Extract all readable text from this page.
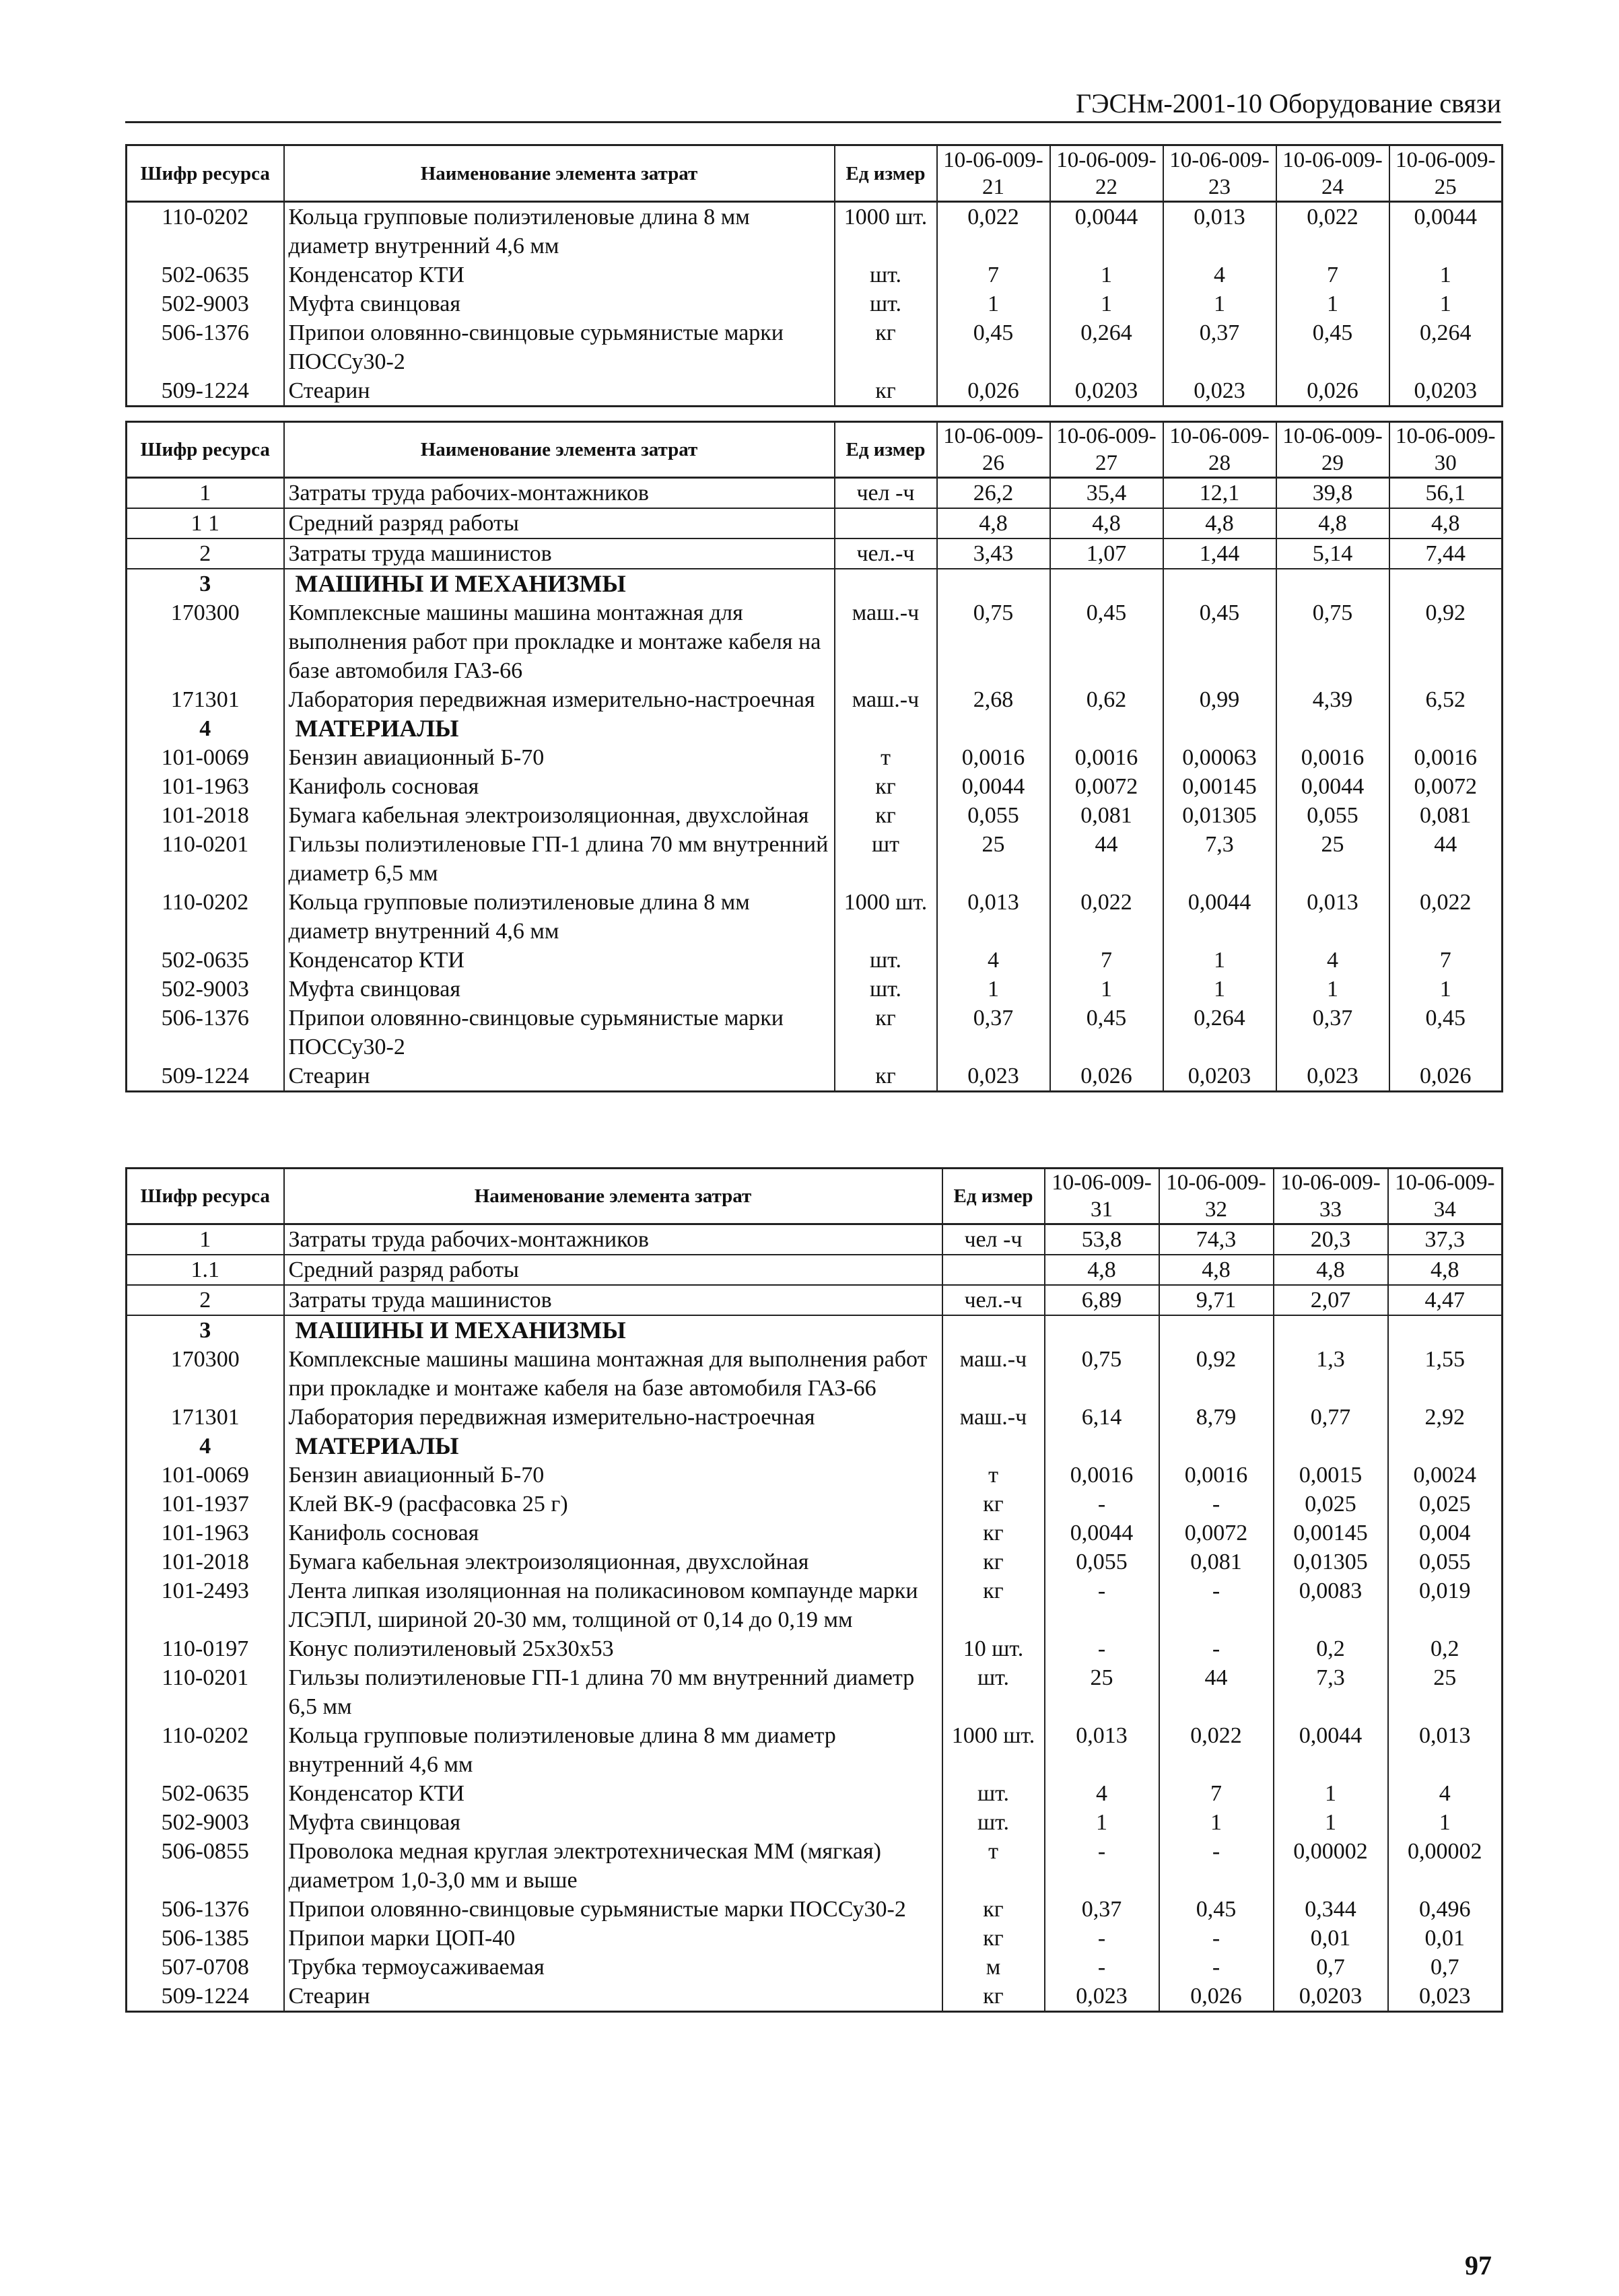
ГЭСНм-2001-10 Оборудование связи
Шифр ресурса	Наименование элемента затрат	Ед измер	10-06-009-21	10-06-009-22	10-06-009-23	10-06-009-24	10-06-009-25
110-0202	Кольца групповые полиэтиленовые длина 8 мм диаметр внутренний 4,6 мм	1000 шт.	0,022	0,0044	0,013	0,022	0,0044
502-0635	Конденсатор КТИ	шт.	7	1	4	7	1
502-9003	Муфта свинцовая	шт.	1	1	1	1	1
506-1376	Припои оловянно-свинцовые сурьмянистые марки ПОССу30-2	кг	0,45	0,264	0,37	0,45	0,264
509-1224	Стеарин	кг	0,026	0,0203	0,023	0,026	0,0203
Шифр ресурса	Наименование элемента затрат	Ед измер	10-06-009-26	10-06-009-27	10-06-009-28	10-06-009-29	10-06-009-30
1	Затраты труда рабочих-монтажников	чел -ч	26,2	35,4	12,1	39,8	56,1
1 1	Средний разряд работы		4,8	4,8	4,8	4,8	4,8
2	Затраты труда машинистов	чел.-ч	3,43	1,07	1,44	5,14	7,44
3	МАШИНЫ И МЕХАНИЗМЫ						
170300	Комплексные машины машина монтажная для выполнения работ при прокладке и монтаже кабеля на базе автомобиля ГАЗ-66	маш.-ч	0,75	0,45	0,45	0,75	0,92
171301	Лаборатория передвижная измерительно-настроечная	маш.-ч	2,68	0,62	0,99	4,39	6,52
4	МАТЕРИАЛЫ						
101-0069	Бензин авиационный Б-70	т	0,0016	0,0016	0,00063	0,0016	0,0016
101-1963	Канифоль сосновая	кг	0,0044	0,0072	0,00145	0,0044	0,0072
101-2018	Бумага кабельная электроизоляционная, двухслойная	кг	0,055	0,081	0,01305	0,055	0,081
110-0201	Гильзы полиэтиленовые ГП-1 длина 70 мм внутренний диаметр 6,5 мм	шт	25	44	7,3	25	44
110-0202	Кольца групповые полиэтиленовые длина 8 мм диаметр внутренний 4,6 мм	1000 шт.	0,013	0,022	0,0044	0,013	0,022
502-0635	Конденсатор КТИ	шт.	4	7	1	4	7
502-9003	Муфта свинцовая	шт.	1	1	1	1	1
506-1376	Припои оловянно-свинцовые сурьмянистые марки ПОССу30-2	кг	0,37	0,45	0,264	0,37	0,45
509-1224	Стеарин	кг	0,023	0,026	0,0203	0,023	0,026
Шифр ресурса	Наименование элемента затрат	Ед измер	10-06-009-31	10-06-009-32	10-06-009-33	10-06-009-34
1	Затраты труда рабочих-монтажников	чел -ч	53,8	74,3	20,3	37,3
1.1	Средний разряд работы		4,8	4,8	4,8	4,8
2	Затраты труда машинистов	чел.-ч	6,89	9,71	2,07	4,47
3	МАШИНЫ И МЕХАНИЗМЫ					
170300	Комплексные машины машина монтажная для выполнения работ при прокладке и монтаже кабеля на базе автомобиля ГАЗ-66	маш.-ч	0,75	0,92	1,3	1,55
171301	Лаборатория передвижная измерительно-настроечная	маш.-ч	6,14	8,79	0,77	2,92
4	МАТЕРИАЛЫ					
101-0069	Бензин авиационный Б-70	т	0,0016	0,0016	0,0015	0,0024
101-1937	Клей ВК-9 (расфасовка 25 г)	кг	-	-	0,025	0,025
101-1963	Канифоль сосновая	кг	0,0044	0,0072	0,00145	0,004
101-2018	Бумага кабельная электроизоляционная, двухслойная	кг	0,055	0,081	0,01305	0,055
101-2493	Лента липкая изоляционная на поликасиновом компаунде марки ЛСЭПЛ, шириной 20-30 мм, толщиной от 0,14 до 0,19 мм	кг	-	-	0,0083	0,019
110-0197	Конус полиэтиленовый 25х30х53	10 шт.	-	-	0,2	0,2
110-0201	Гильзы полиэтиленовые ГП-1 длина 70 мм внутренний диаметр 6,5 мм	шт.	25	44	7,3	25
110-0202	Кольца групповые полиэтиленовые длина 8 мм диаметр внутренний 4,6 мм	1000 шт.	0,013	0,022	0,0044	0,013
502-0635	Конденсатор КТИ	шт.	4	7	1	4
502-9003	Муфта свинцовая	шт.	1	1	1	1
506-0855	Проволока медная круглая электротехническая ММ (мягкая) диаметром 1,0-3,0 мм и выше	т	-	-	0,00002	0,00002
506-1376	Припои оловянно-свинцовые сурьмянистые марки ПОССу30-2	кг	0,37	0,45	0,344	0,496
506-1385	Припои марки ЦОП-40	кг	-	-	0,01	0,01
507-0708	Трубка термоусаживаемая	м	-	-	0,7	0,7
509-1224	Стеарин	кг	0,023	0,026	0,0203	0,023
97
